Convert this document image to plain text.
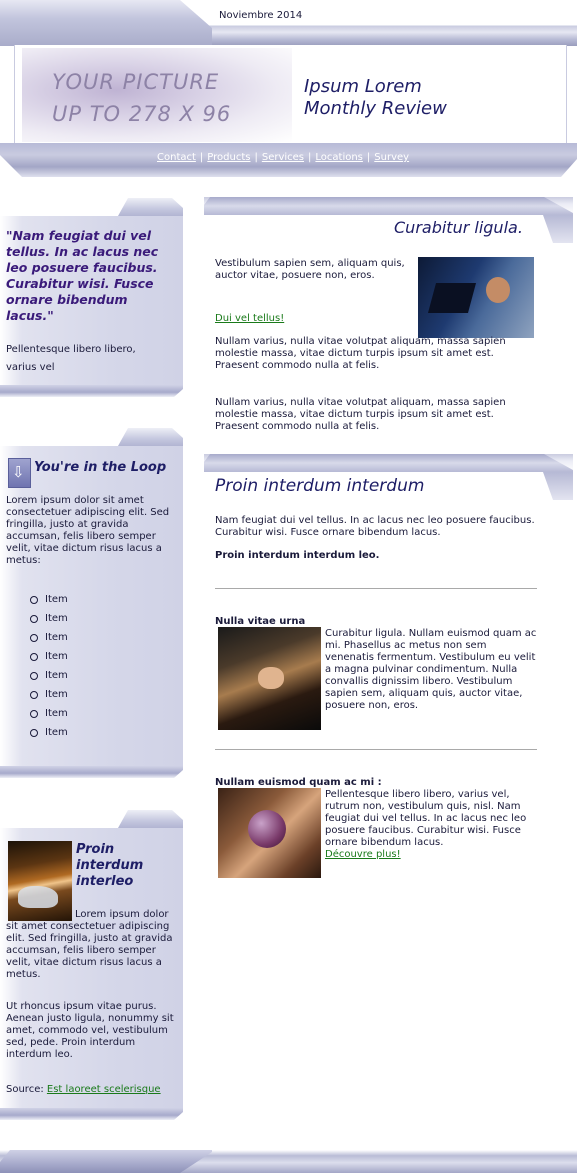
Noviembre 2014
YOUR PICTURE
UP TO 278 X 96
Ipsum Lorem
Monthly Review
Contact | Products | Services | Locations | Survey
"Nam feugiat dui vel tellus. In ac lacus nec leo posuere faucibus. Curabitur wisi. Fusce ornare bibendum lacus."
Pellentesque libero libero, varius vel
⇩
You're in the Loop
Lorem ipsum dolor sit amet consectetuer adipiscing elit. Sed fringilla, justo at gravida accumsan, felis libero semper velit, vitae dictum risus lacus a metus:
Item
Item
Item
Item
Item
Item
Item
Item
Proin interdum interleo
Lorem ipsum dolor sit amet consectetuer adipiscing elit. Sed fringilla, justo at gravida accumsan, felis libero semper velit, vitae dictum risus lacus a metus.
Ut rhoncus ipsum vitae purus. Aenean justo ligula, nonummy sit amet, commodo vel, vestibulum sed, pede. Proin interdum interdum leo.
Source: Est laoreet scelerisque
Curabitur ligula.
Vestibulum sapien sem, aliquam quis, auctor vitae, posuere non, eros.
Dui vel tellus!
Nullam varius, nulla vitae volutpat aliquam, massa sapien molestie massa, vitae dictum turpis ipsum sit amet est. Praesent commodo nulla at felis.
Nullam varius, nulla vitae volutpat aliquam, massa sapien molestie massa, vitae dictum turpis ipsum sit amet est. Praesent commodo nulla at felis.
Proin interdum interdum
Nam feugiat dui vel tellus. In ac lacus nec leo posuere faucibus. Curabitur wisi. Fusce ornare bibendum lacus.
Proin interdum interdum leo.
Nulla vitae urna
Curabitur ligula. Nullam euismod quam ac mi. Phasellus ac metus non sem venenatis fermentum. Vestibulum eu velit a magna pulvinar condimentum. Nulla convallis dignissim libero. Vestibulum sapien sem, aliquam quis, auctor vitae, posuere non, eros.
Nullam euismod quam ac mi :
Pellentesque libero libero, varius vel, rutrum non, vestibulum quis, nisl. Nam feugiat dui vel tellus. In ac lacus nec leo posuere faucibus. Curabitur wisi. Fusce ornare bibendum lacus.
Découvre plus!
